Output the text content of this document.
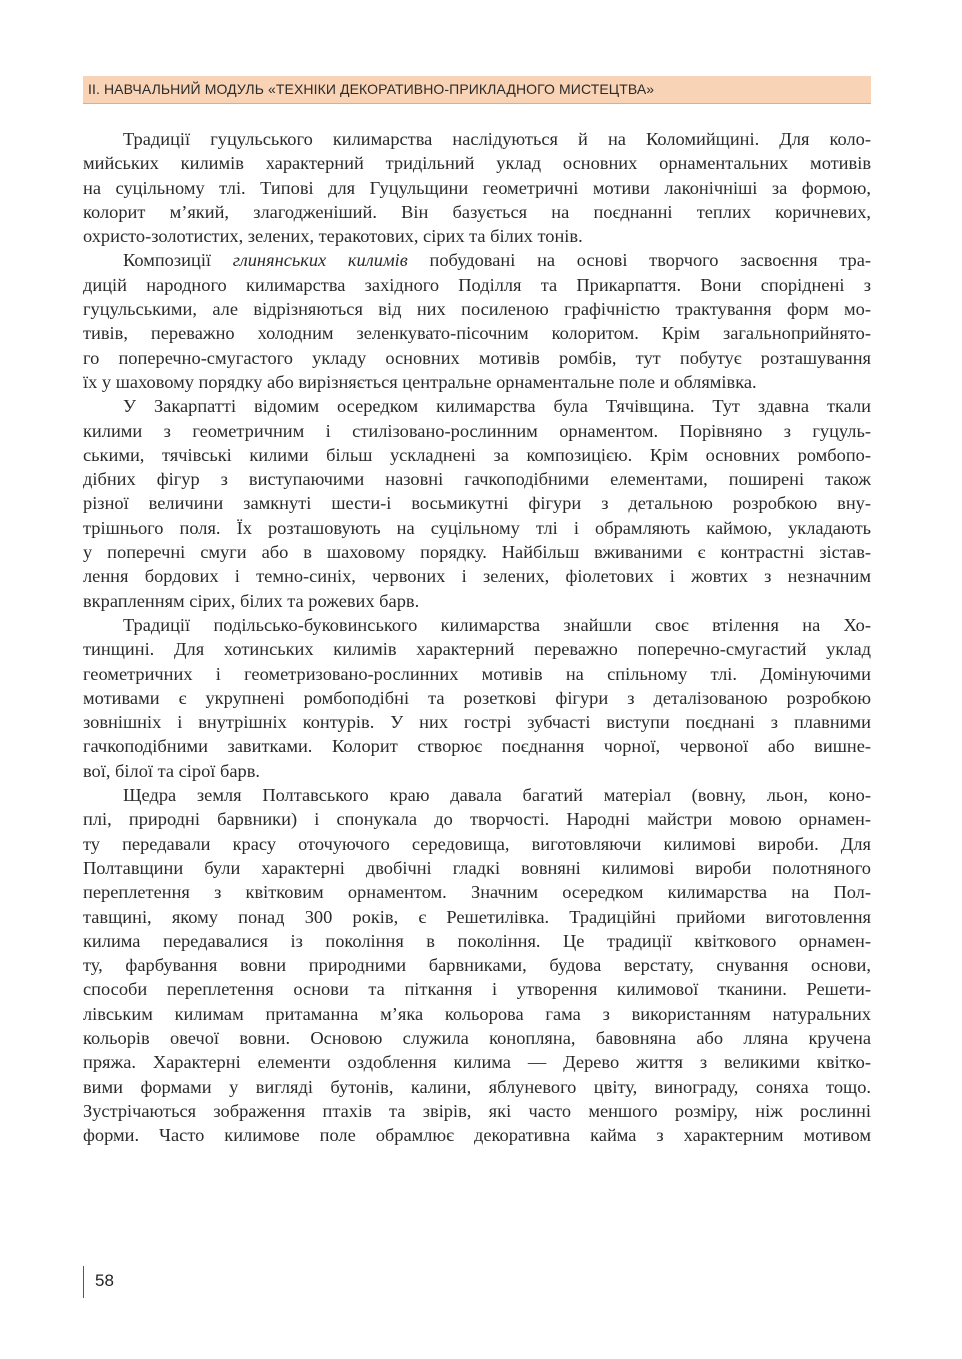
II. НАВЧАЛЬНИЙ МОДУЛЬ «ТЕХНІКИ ДЕКОРАТИВНО-ПРИКЛАДНОГО МИСТЕЦТВА»
Традиції гуцульського килимарства наслідуються й на Коломийщині. Для коло-
мийських килимів характерний тридільний уклад основних орнаментальних мотивів
на суцільному тлі. Типові для Гуцульщини геометричні мотиви лаконічніші за формою,
колорит м’який, злагодженіший. Він базується на поєднанні теплих коричневих,
охристо-золотистих, зелених, теракотових, сірих та білих тонів.
Композиції глинянських килимів побудовані на основі творчого засвоєння тра-
дицій народного килимарства західного Поділля та Прикарпаття. Вони споріднені з
гуцульськими, але відрізняються від них посиленою графічністю трактування форм мо-
тивів, переважно холодним зеленкувато-пісочним колоритом. Крім загальноприйнято-
го поперечно-смугастого укладу основних мотивів ромбів, тут побутує розташування
їх у шаховому порядку або вирізняється центральне орнаментальне поле и облямівка.
У Закарпатті відомим осередком килимарства була Тячівщина. Тут здавна ткали
килими з геометричним і стилізовано-рослинним орнаментом. Порівняно з гуцуль-
ськими, тячівські килими більш ускладнені за композицією. Крім основних ромбопо-
дібних фігур з виступаючими назовні гачкоподібними елементами, поширені також
різної величини замкнуті шести-і восьмикутні фігури з детальною розробкою вну-
трішнього поля. Їх розташовують на суцільному тлі і обрамляють каймою, укладають
у поперечні смуги або в шаховому порядку. Найбільш вживаними є контрастні зістав-
лення бордових і темно-синіх, червоних і зелених, фіолетових і жовтих з незначним
вкрапленням сірих, білих та рожевих барв.
Традиції подільсько-буковинського килимарства знайшли своє втілення на Хо-
тинщині. Для хотинських килимів характерний переважно поперечно-смугастий уклад
геометричних і геометризовано-рослинних мотивів на спільному тлі. Домінуючими
мотивами є укрупнені ромбоподібні та розеткові фігури з деталізованою розробкою
зовнішніх і внутрішніх контурів. У них гострі зубчасті виступи поєднані з плавними
гачкоподібними завитками. Колорит створює поєднання чорної, червоної або вишне-
вої, білої та сірої барв.
Щедра земля Полтавського краю давала багатий матеріал (вовну, льон, коно-
плі, природні барвники) і спонукала до творчості. Народні майстри мовою орнамен-
ту передавали красу оточуючого середовища, виготовляючи килимові вироби. Для
Полтавщини були характерні двобічні гладкі вовняні килимові вироби полотняного
переплетення з квітковим орнаментом. Значним осередком килимарства на Пол-
тавщині, якому понад 300 років, є Решетилівка. Традиційні прийоми виготовлення
килима передавалися із покоління в покоління. Це традиції квіткового орнамен-
ту, фарбування вовни природними барвниками, будова верстату, снування основи,
способи переплетення основи та піткання і утворення килимової тканини. Решети-
лівським килимам притаманна м’яка кольорова гама з використанням натуральних
кольорів овечої вовни. Основою служила конопляна, бавовняна або лляна кручена
пряжа. Характерні елементи оздоблення килима — Дерево життя з великими квітко-
вими формами у вигляді бутонів, калини, яблуневого цвіту, винограду, соняха тощо.
Зустрічаються зображення птахів та звірів, які часто меншого розміру, ніж рослинні
форми. Часто килимове поле обрамлює декоративна кайма з характерним мотивом
58
